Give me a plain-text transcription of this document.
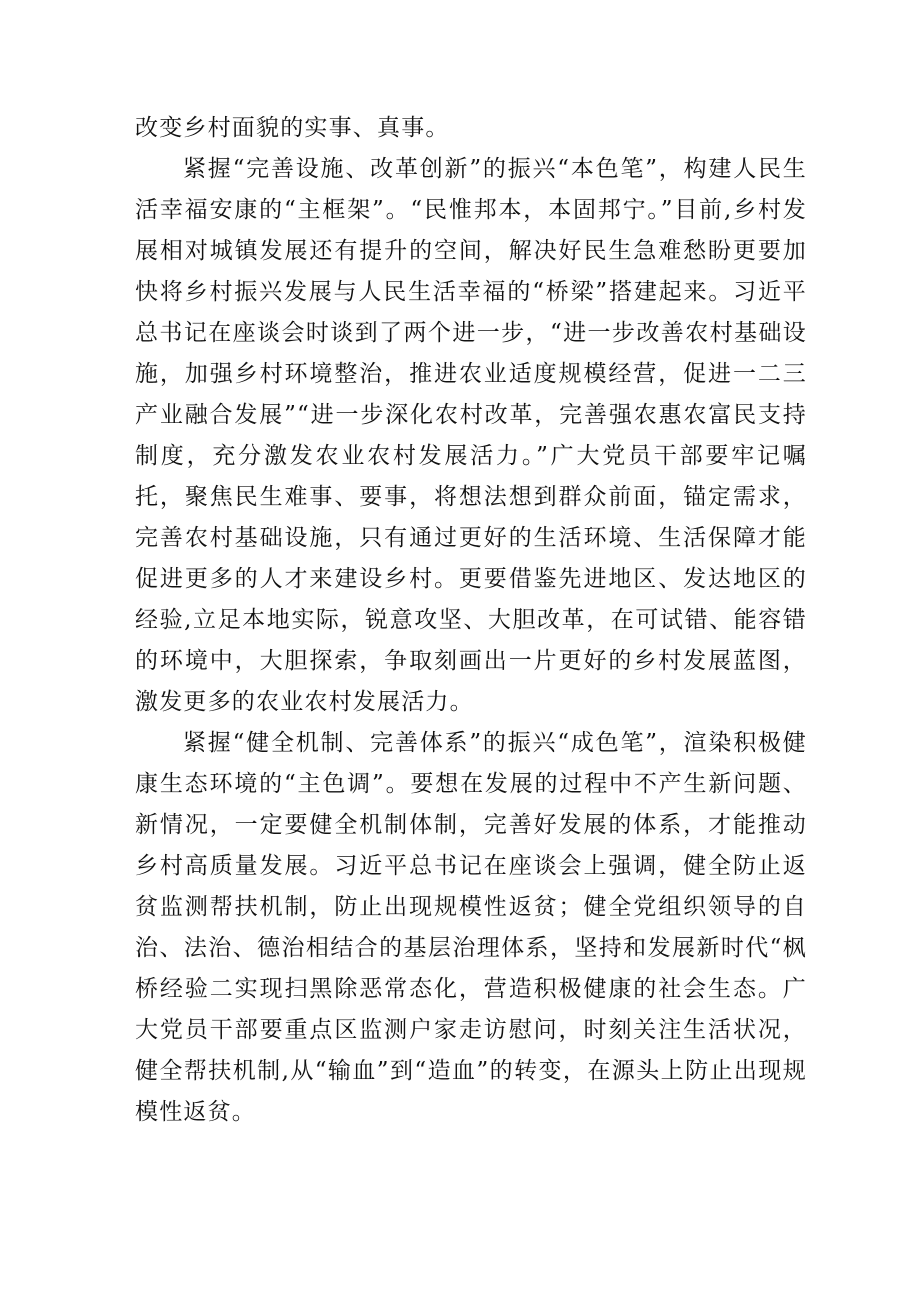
改变乡村面貌的实事、真事。

紧握“完善设施、改革创新”的振兴“本色笔”，构建人民生活幸福安康的“主框架”。“民惟邦本，本固邦宁。”目前,乡村发展相对城镇发展还有提升的空间，解决好民生急难愁盼更要加快将乡村振兴发展与人民生活幸福的“桥梁”搭建起来。习近平总书记在座谈会时谈到了两个进一步，“进一步改善农村基础设施，加强乡村环境整治，推进农业适度规模经营，促进一二三产业融合发展”“进一步深化农村改革，完善强农惠农富民支持制度，充分激发农业农村发展活力。”广大党员干部要牢记嘱托，聚焦民生难事、要事，将想法想到群众前面，锚定需求，完善农村基础设施，只有通过更好的生活环境、生活保障才能促进更多的人才来建设乡村。更要借鉴先进地区、发达地区的经验,立足本地实际，锐意攻坚、大胆改革，在可试错、能容错的环境中，大胆探索，争取刻画出一片更好的乡村发展蓝图，激发更多的农业农村发展活力。

紧握“健全机制、完善体系”的振兴“成色笔”，渲染积极健康生态环境的“主色调”。要想在发展的过程中不产生新问题、新情况，一定要健全机制体制，完善好发展的体系，才能推动乡村高质量发展。习近平总书记在座谈会上强调，健全防止返贫监测帮扶机制，防止出现规模性返贫；健全党组织领导的自治、法治、德治相结合的基层治理体系，坚持和发展新时代“枫桥经验二实现扫黑除恶常态化，营造积极健康的社会生态。广大党员干部要重点区监测户家走访慰问，时刻关注生活状况，健全帮扶机制,从“输血”到“造血”的转变，在源头上防止出现规模性返贫。
